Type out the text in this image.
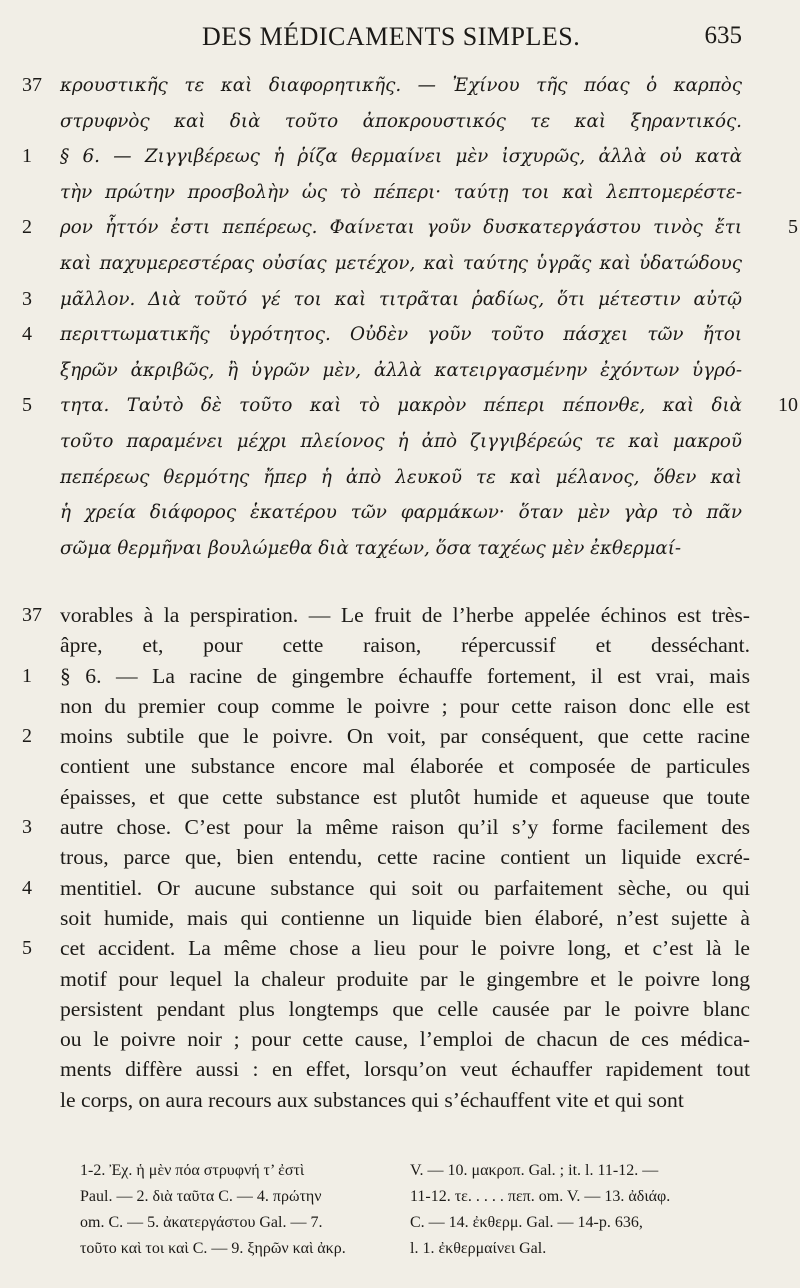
DES MÉDICAMENTS SIMPLES.	635
37 κρουστικῆς τε καὶ διαφορητικῆς. — Ἐχίνου τῆς πόας ὁ καρπὸς
στρυφνὸς καὶ διὰ τοῦτο ἀποκρουστικός τε καὶ ξηραντικός.
1 § 6. — Ζιγγιβέρεως ἡ ῥίζα θερμαίνει μὲν ἰσχυρῶς, ἀλλὰ οὐ κατὰ
τὴν πρώτην προσβολὴν ὡς τὸ πέπερι· ταύτῃ τοι καὶ λεπτομερέστε-
2	5
ρον ἧττόν ἐστι πεπέρεως. Φαίνεται γοῦν δυσκατεργάστου τινὸς ἔτι
καὶ παχυμερεστέρας οὐσίας μετέχον, καὶ ταύτης ὑγρᾶς καὶ ὑδατώδους
3 μᾶλλον. Διὰ τοῦτό γέ τοι καὶ τιτρᾶται ῥαδίως, ὅτι μέτεστιν αὐτῷ
4 περιττωματικῆς ὑγρότητος. Οὐδὲν γοῦν τοῦτο πάσχει τῶν ἤτοι
ξηρῶν ἀκριβῶς, ἢ ὑγρῶν μὲν, ἀλλὰ κατειργασμένην ἐχόντων ὑγρό-
5	10
τητα. Ταὐτὸ δὲ τοῦτο καὶ τὸ μακρὸν πέπερι πέπονθε, καὶ διὰ
τοῦτο παραμένει μέχρι πλείονος ἡ ἀπὸ ζιγγιβέρεώς τε καὶ μακροῦ
πεπέρεως θερμότης ἤπερ ἡ ἀπὸ λευκοῦ τε καὶ μέλανος, ὅθεν καὶ
ἡ χρεία διάφορος ἑκατέρου τῶν φαρμάκων· ὅταν μὲν γὰρ τὸ πᾶν
σῶμα θερμῆναι βουλώμεθα διὰ ταχέων, ὅσα ταχέως μὲν ἐκθερμαί-
37 vorables à la perspiration. — Le fruit de l’herbe appelée échinos est très-
âpre, et, pour cette raison, répercussif et desséchant.
1 § 6. — La racine de gingembre échauffe fortement, il est vrai, mais
non du premier coup comme le poivre ; pour cette raison donc elle est
2 moins subtile que le poivre. On voit, par conséquent, que cette racine
contient une substance encore mal élaborée et composée de particules
épaisses, et que cette substance est plutôt humide et aqueuse que toute
3 autre chose. C’est pour la même raison qu’il s’y forme facilement des
trous, parce que, bien entendu, cette racine contient un liquide excré-
4 mentitiel. Or aucune substance qui soit ou parfaitement sèche, ou qui
soit humide, mais qui contienne un liquide bien élaboré, n’est sujette à
5 cet accident. La même chose a lieu pour le poivre long, et c’est là le
motif pour lequel la chaleur produite par le gingembre et le poivre long
persistent pendant plus longtemps que celle causée par le poivre blanc
ou le poivre noir ; pour cette cause, l’emploi de chacun de ces médica-
ments diffère aussi : en effet, lorsqu’on veut échauffer rapidement tout
le corps, on aura recours aux substances qui s’échauffent vite et qui sont
1-2. Ἐχ. ἡ μὲν πόα στρυφνή τ’ ἐστὶ
Paul. — 2. διὰ ταῦτα C. — 4. πρώτην
om. C. — 5. ἀκατεργάστου Gal. — 7.
τοῦτο καὶ τοι καὶ C. — 9. ξηρῶν καὶ ἀκρ.
V. — 10. μακροπ. Gal. ; it. l. 11-12. —
11-12. τε. . . . . πεπ. om. V. — 13. ἀδιάφ.
C. — 14. ἐκθερμ. Gal. — 14-p. 636,
l. 1. ἐκθερμαίνει Gal.
